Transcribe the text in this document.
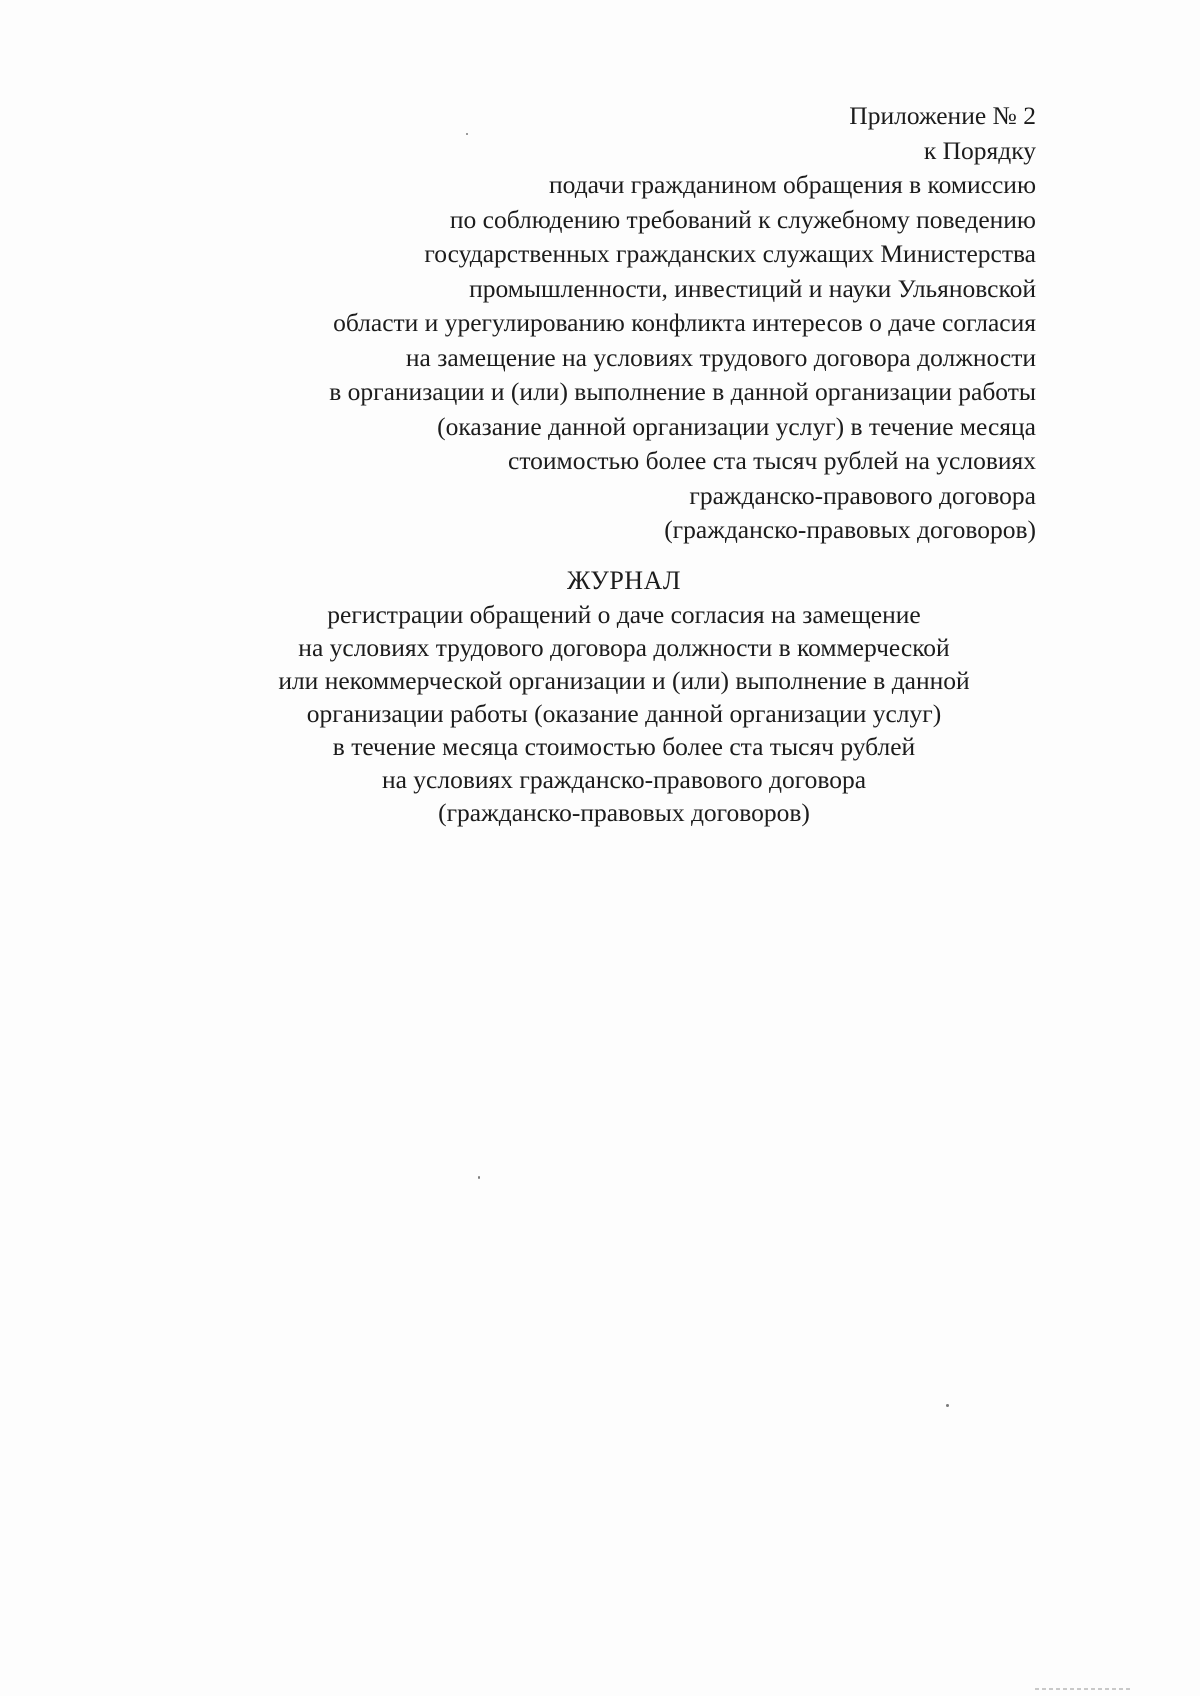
Приложение № 2
к Порядку
подачи гражданином обращения в комиссию
по соблюдению требований к служебному поведению
государственных гражданских служащих Министерства
промышленности, инвестиций и науки Ульяновской
области и урегулированию конфликта интересов о даче согласия
на замещение на условиях трудового договора должности
в организации и (или) выполнение в данной организации работы
(оказание данной организации услуг) в течение месяца
стоимостью более ста тысяч рублей на условиях
гражданско-правового договора
(гражданско-правовых договоров)
ЖУРНАЛ
регистрации обращений о даче согласия на замещение
на условиях трудового договора должности в коммерческой
или некоммерческой организации и (или) выполнение в данной
организации работы (оказание данной организации услуг)
в течение месяца стоимостью более ста тысяч рублей
на условиях гражданско-правового договора
(гражданско-правовых договоров)
